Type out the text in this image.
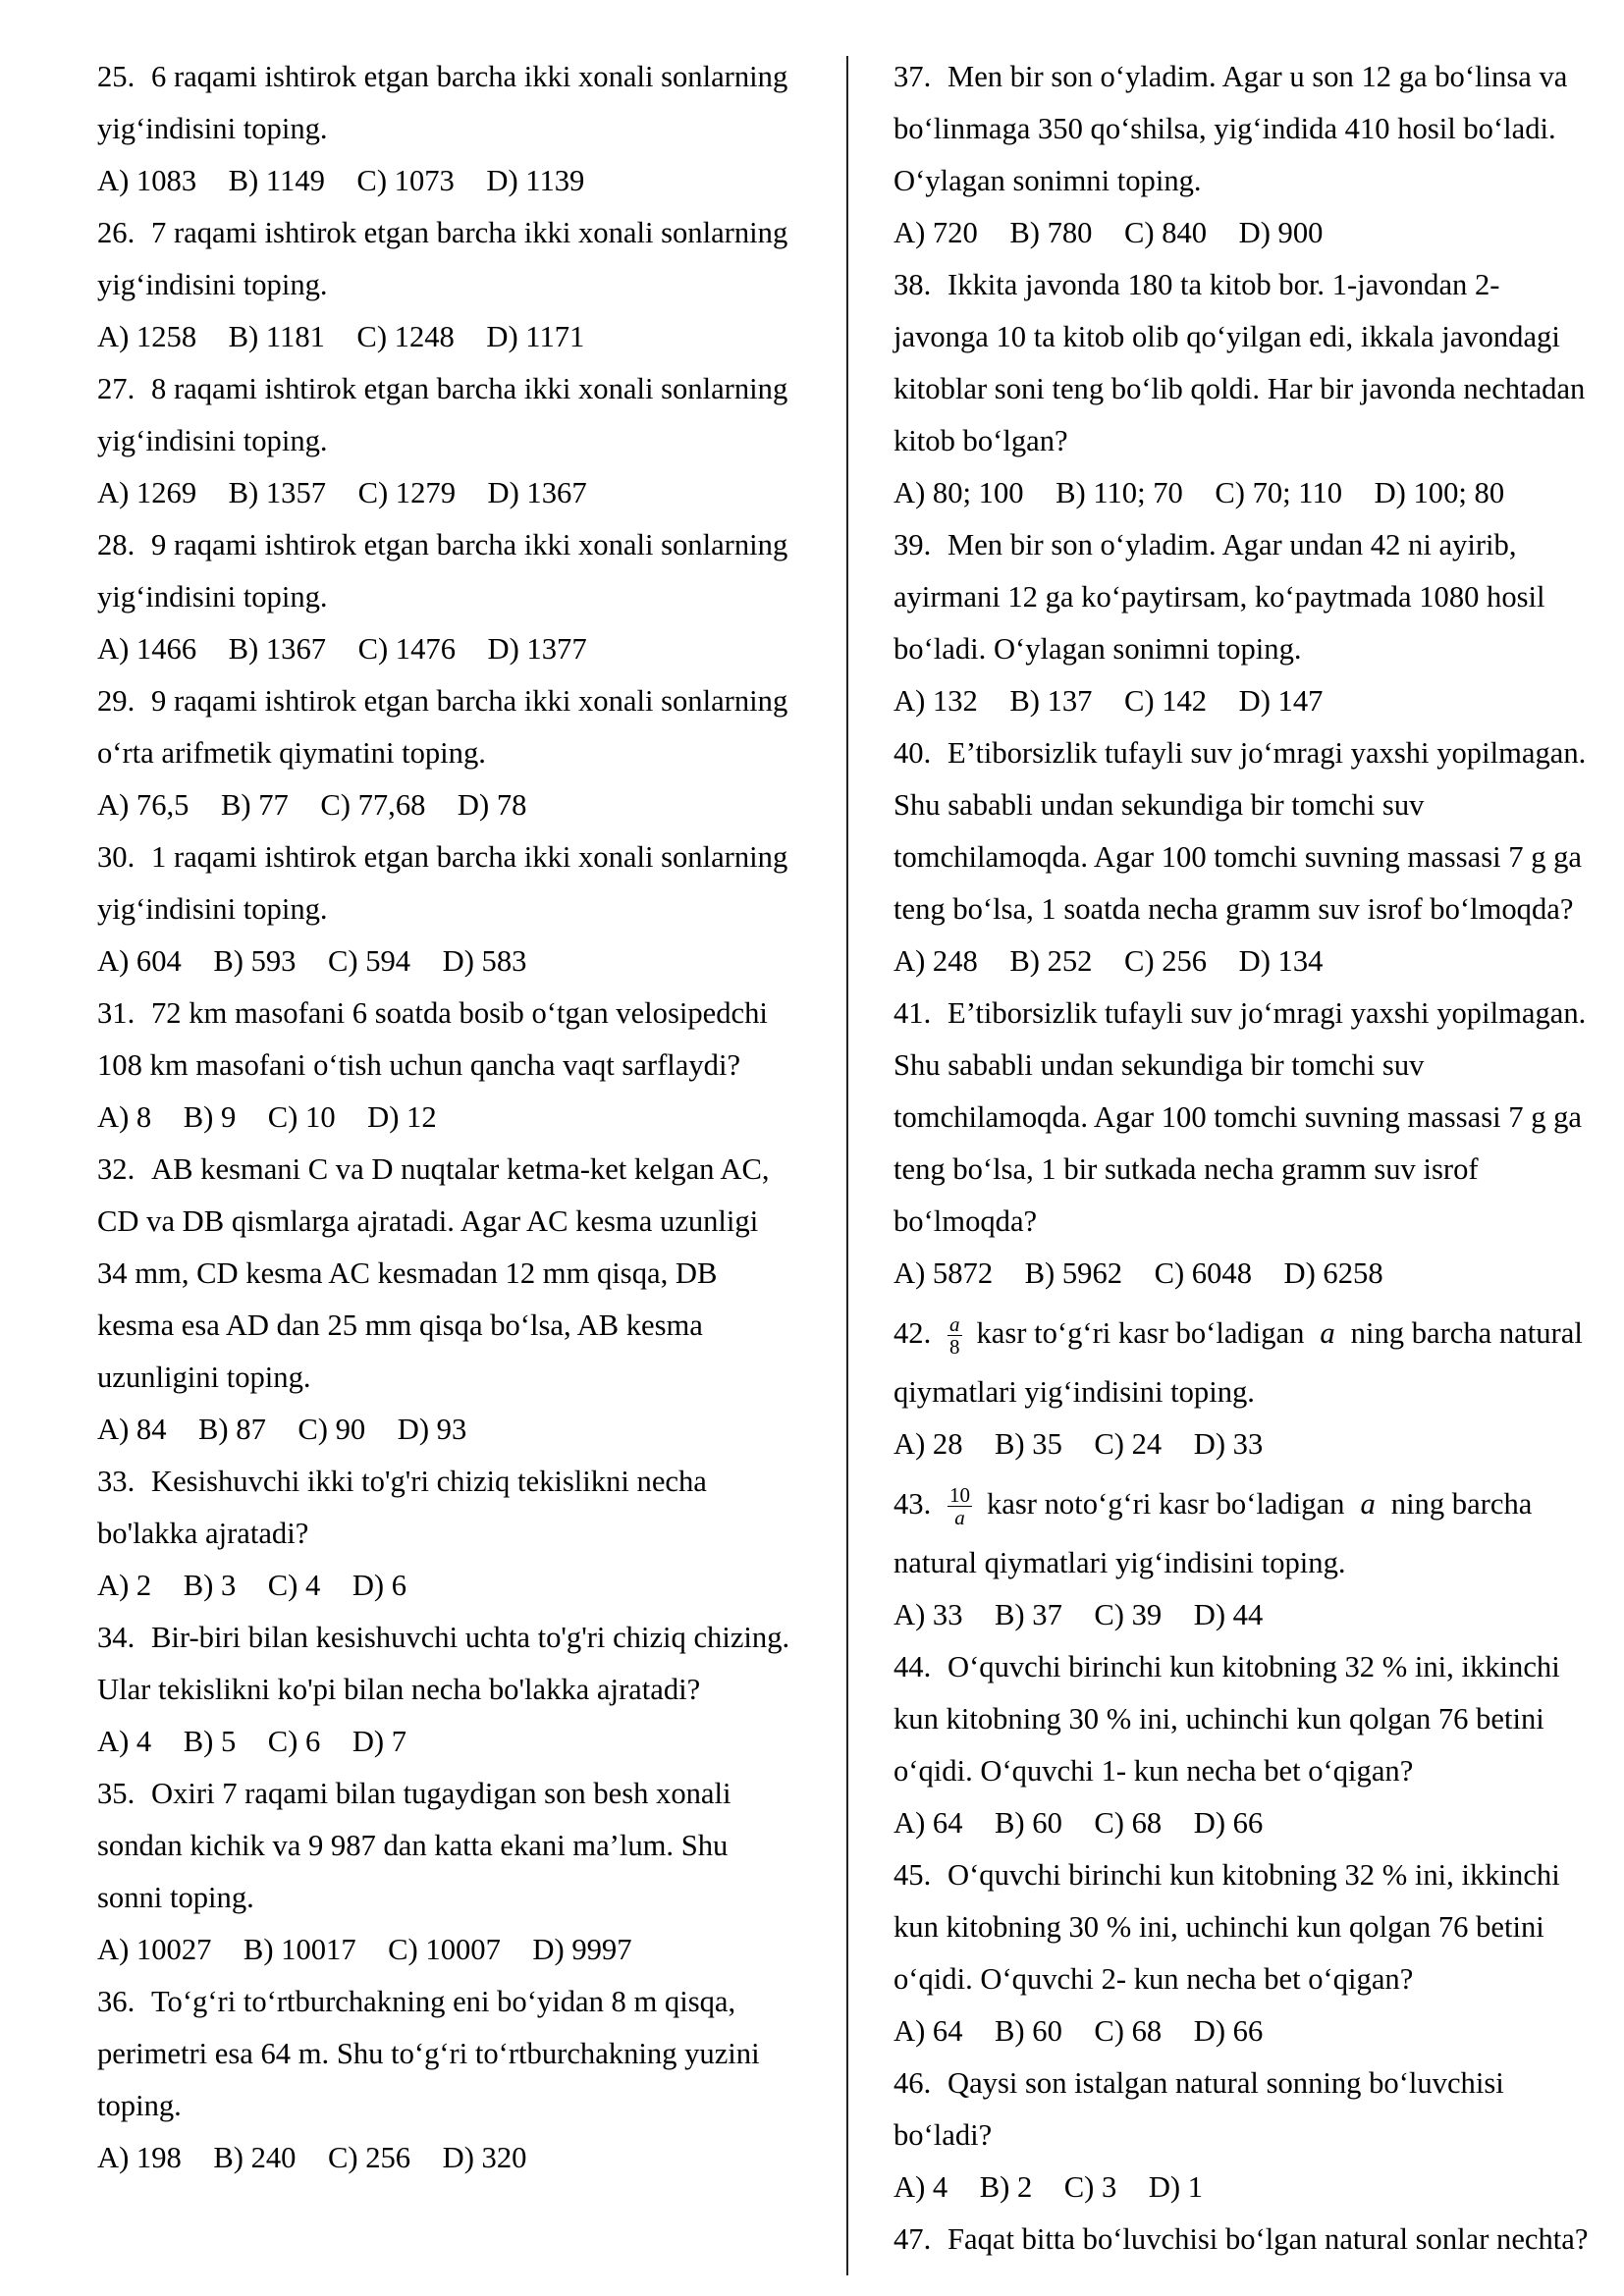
25. 6 raqami ishtirok etgan barcha ikki xonali sonlarning
yig‘indisini toping.
A) 1083 B) 1149 C) 1073 D) 1139
26. 7 raqami ishtirok etgan barcha ikki xonali sonlarning
yig‘indisini toping.
A) 1258 B) 1181 C) 1248 D) 1171
27. 8 raqami ishtirok etgan barcha ikki xonali sonlarning
yig‘indisini toping.
A) 1269 B) 1357 C) 1279 D) 1367
28. 9 raqami ishtirok etgan barcha ikki xonali sonlarning
yig‘indisini toping.
A) 1466 B) 1367 C) 1476 D) 1377
29. 9 raqami ishtirok etgan barcha ikki xonali sonlarning
o‘rta arifmetik qiymatini toping.
A) 76,5 B) 77 C) 77,68 D) 78
30. 1 raqami ishtirok etgan barcha ikki xonali sonlarning
yig‘indisini toping.
A) 604 B) 593 C) 594 D) 583
31. 72 km masofani 6 soatda bosib o‘tgan velosipedchi
108 km masofani o‘tish uchun qancha vaqt sarflaydi?
A) 8 B) 9 C) 10 D) 12
32. AB kesmani C va D nuqtalar ketma-ket kelgan AC,
CD va DB qismlarga ajratadi. Agar AC kesma uzunligi
34 mm, CD kesma AC kesmadan 12 mm qisqa, DB
kesma esa AD dan 25 mm qisqa bo‘lsa, AB kesma
uzunligini toping.
A) 84 B) 87 C) 90 D) 93
33. Kesishuvchi ikki to'g'ri chiziq tekislikni necha
bo'lakka ajratadi?
A) 2 B) 3 C) 4 D) 6
34. Bir-biri bilan kesishuvchi uchta to'g'ri chiziq chizing.
Ular tekislikni ko'pi bilan necha bo'lakka ajratadi?
A) 4 B) 5 C) 6 D) 7
35. Oxiri 7 raqami bilan tugaydigan son besh xonali
sondan kichik va 9 987 dan katta ekani ma’lum. Shu
sonni toping.
A) 10027 B) 10017 C) 10007 D) 9997
36. To‘g‘ri to‘rtburchakning eni bo‘yidan 8 m qisqa,
perimetri esa 64 m. Shu to‘g‘ri to‘rtburchakning yuzini
toping.
A) 198 B) 240 C) 256 D) 320
37. Men bir son o‘yladim. Agar u son 12 ga bo‘linsa va
bo‘linmaga 350 qo‘shilsa, yig‘indida 410 hosil bo‘ladi.
O‘ylagan sonimni toping.
A) 720 B) 780 C) 840 D) 900
38. Ikkita javonda 180 ta kitob bor. 1-javondan 2-
javonga 10 ta kitob olib qo‘yilgan edi, ikkala javondagi
kitoblar soni teng bo‘lib qoldi. Har bir javonda nechtadan
kitob bo‘lgan?
A) 80; 100 B) 110; 70 C) 70; 110 D) 100; 80
39. Men bir son o‘yladim. Agar undan 42 ni ayirib,
ayirmani 12 ga ko‘paytirsam, ko‘paytmada 1080 hosil
bo‘ladi. O‘ylagan sonimni toping.
A) 132 B) 137 C) 142 D) 147
40. E’tiborsizlik tufayli suv jo‘mragi yaxshi yopilmagan.
Shu sababli undan sekundiga bir tomchi suv
tomchilamoqda. Agar 100 tomchi suvning massasi 7 g ga
teng bo‘lsa, 1 soatda necha gramm suv isrof bo‘lmoqda?
A) 248 B) 252 C) 256 D) 134
41. E’tiborsizlik tufayli suv jo‘mragi yaxshi yopilmagan.
Shu sababli undan sekundiga bir tomchi suv
tomchilamoqda. Agar 100 tomchi suvning massasi 7 g ga
teng bo‘lsa, 1 bir sutkada necha gramm suv isrof
bo‘lmoqda?
A) 5872 B) 5962 C) 6048 D) 6258
42. $\frac{a}{8}$ kasr to‘g‘ri kasr bo‘ladigan a ning barcha natural
qiymatlari yig‘indisini toping.
A) 28 B) 35 C) 24 D) 33
43. $\frac{10}{a}$ kasr noto‘g‘ri kasr bo‘ladigan a ning barcha
natural qiymatlari yig‘indisini toping.
A) 33 B) 37 C) 39 D) 44
44. O‘quvchi birinchi kun kitobning 32 % ini, ikkinchi
kun kitobning 30 % ini, uchinchi kun qolgan 76 betini
o‘qidi. O‘quvchi 1- kun necha bet o‘qigan?
A) 64 B) 60 C) 68 D) 66
45. O‘quvchi birinchi kun kitobning 32 % ini, ikkinchi
kun kitobning 30 % ini, uchinchi kun qolgan 76 betini
o‘qidi. O‘quvchi 2- kun necha bet o‘qigan?
A) 64 B) 60 C) 68 D) 66
46. Qaysi son istalgan natural sonning bo‘luvchisi
bo‘ladi?
A) 4 B) 2 C) 3 D) 1
47. Faqat bitta bo‘luvchisi bo‘lgan natural sonlar nechta?
